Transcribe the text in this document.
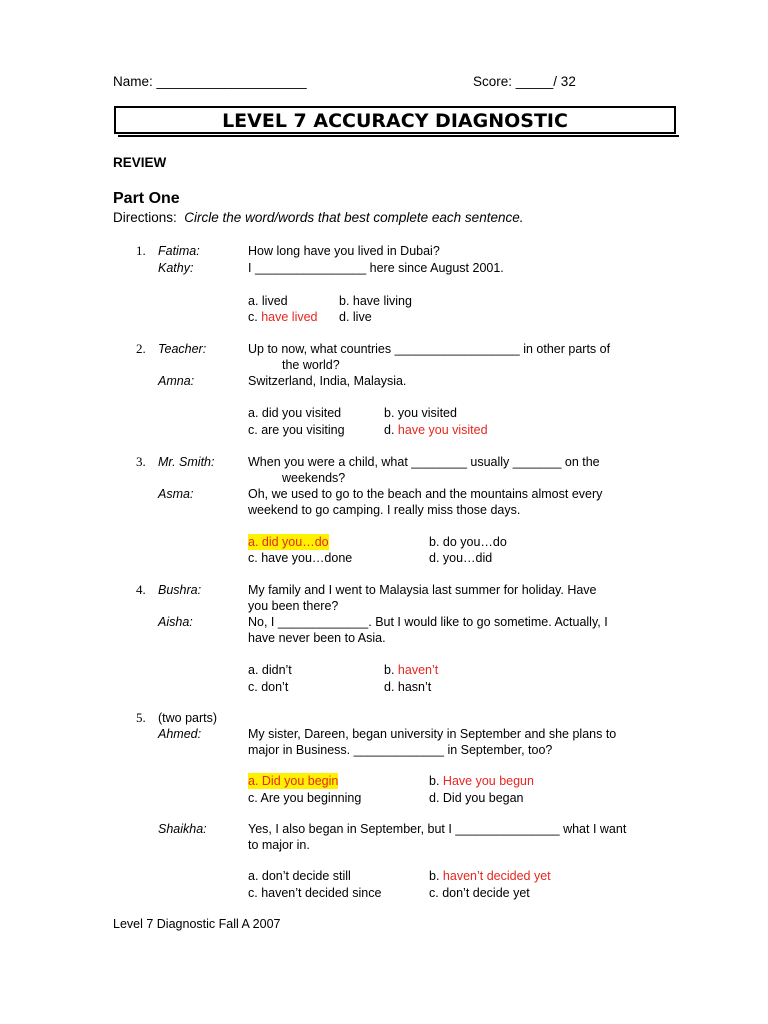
Name: ____________________	Score: _____/ 32
LEVEL 7 ACCURACY DIAGNOSTIC
REVIEW
Part One
Directions: Circle the word/words that best complete each sentence.
1. Fatima:	How long have you lived in Dubai?
Kathy:	I ________________ here since August 2001.
a. lived	b. have living
c. have lived d. live
2. Teacher:	Up to now, what countries __________________ in other parts of
the world?
Amna:	Switzerland, India, Malaysia.
a. did you visited	b. you visited
c. are you visiting	d. have you visited
3. Mr. Smith:	When you were a child, what ________ usually _______ on the
weekends?
Asma:	Oh, we used to go to the beach and the mountains almost every
weekend to go camping. I really miss those days.
a. did you…do	b. do you…do
c. have you…done	d. you…did
4. Bushra:	My family and I went to Malaysia last summer for holiday. Have
you been there?
Aisha:	No, I _____________. But I would like to go sometime. Actually, I
have never been to Asia.
a. didn’t	b. haven’t
c. don’t	d. hasn’t
5. (two parts)
Ahmed:	My sister, Dareen, began university in September and she plans to
major in Business. _____________ in September, too?
a. Did you begin	b. Have you begun
c. Are you beginning	d. Did you began
Shaikha:	Yes, I also began in September, but I _______________ what I want
to major in.
a. don’t decide still	b. haven’t decided yet
c. haven’t decided since	c. don’t decide yet
Level 7 Diagnostic Fall A 2007
